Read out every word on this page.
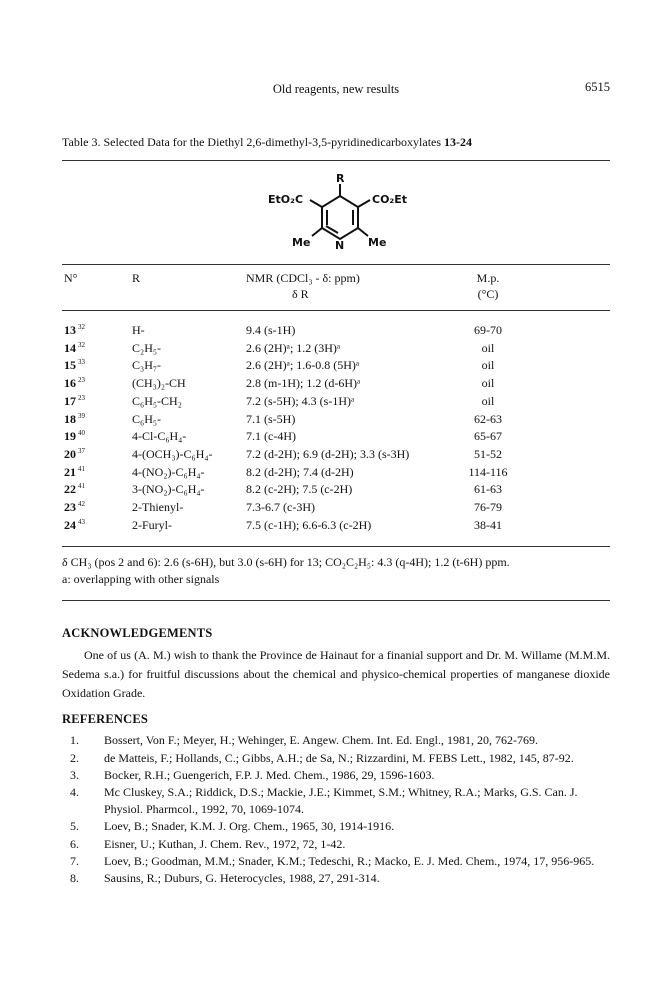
Old reagents, new results	6515
Table 3. Selected Data for the Diethyl 2,6-dimethyl-3,5-pyridinedicarboxylates 13-24
R
EtO₂C	CO₂Et
Me N Me
N°	R	NMR (CDCl₃ - δ: ppm)	M.p.
δ R	(°C)
13 $^{32}$	H-	9.4 (s-1H)	69-70
14 $^{32}$	C₂H₅-	2.6 (2H)ᵃ; 1.2 (3H)ᵃ	oil
15 $^{33}$	C₃H₇-	2.6 (2H)ᵃ; 1.6-0.8 (5H)ᵃ	oil
16 $^{23}$	(CH₃)₂-CH	2.8 (m-1H); 1.2 (d-6H)ᵃ	oil
17 $^{23}$	C₆H₅-CH₂	7.2 (s-5H); 4.3 (s-1H)ᵃ	oil
18 $^{39}$	C₆H₅-	7.1 (s-5H)	62-63
19 $^{40}$	4-Cl-C₆H₄-	7.1 (c-4H)	65-67
20 $^{37}$	4-(OCH₃)-C₆H₄-	7.2 (d-2H); 6.9 (d-2H); 3.3 (s-3H)	51-52
21 $^{41}$	4-(NO₂)-C₆H₄-	8.2 (d-2H); 7.4 (d-2H)	114-116
22 $^{41}$	3-(NO₂)-C₆H₄-	8.2 (c-2H); 7.5 (c-2H)	61-63
23 $^{42}$	2-Thienyl-	7.3-6.7 (c-3H)	76-79
24 $^{43}$	2-Furyl-	7.5 (c-1H); 6.6-6.3 (c-2H)	38-41
δ CH₃ (pos 2 and 6): 2.6 (s-6H), but 3.0 (s-6H) for 13; CO₂C₂H₅: 4.3 (q-4H); 1.2 (t-6H) ppm.
a: overlapping with other signals
ACKNOWLEDGEMENTS
One of us (A. M.) wish to thank the Province de Hainaut for a finanial support and Dr. M. Willame (M.M.M. Sedema s.a.) for fruitful discussions about the chemical and physico-chemical properties of manganese dioxide Oxidation Grade.
REFERENCES
1. Bossert, Von F.; Meyer, H.; Wehinger, E. Angew. Chem. Int. Ed. Engl., 1981, 20, 762-769.
2. de Matteis, F.; Hollands, C.; Gibbs, A.H.; de Sa, N.; Rizzardini, M. FEBS Lett., 1982, 145, 87-92.
3. Bocker, R.H.; Guengerich, F.P. J. Med. Chem., 1986, 29, 1596-1603.
4. Mc Cluskey, S.A.; Riddick, D.S.; Mackie, J.E.; Kimmet, S.M.; Whitney, R.A.; Marks, G.S. Can. J. Physiol. Pharmcol., 1992, 70, 1069-1074.
5. Loev, B.; Snader, K.M. J. Org. Chem., 1965, 30, 1914-1916.
6. Eisner, U.; Kuthan, J. Chem. Rev., 1972, 72, 1-42.
7. Loev, B.; Goodman, M.M.; Snader, K.M.; Tedeschi, R.; Macko, E. J. Med. Chem., 1974, 17, 956-965.
8. Sausins, R.; Duburs, G. Heterocycles, 1988, 27, 291-314.
